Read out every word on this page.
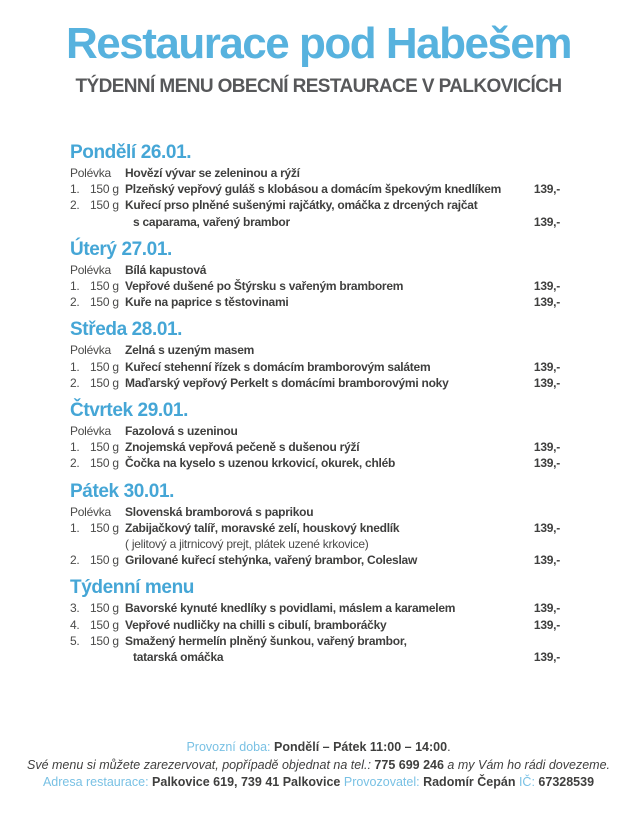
Restaurace pod Habešem
TÝDENNÍ MENU OBECNÍ RESTAURACE V PALKOVICÍCH
Pondělí 26.01.
Polévka	Hovězí vývar se zeleninou a rýží
1. 150 g Plzeňský vepřový guláš s klobásou a domácím špekovým knedlíkem	139,-
2. 150 g Kuřecí prso plněné sušenými rajčátky, omáčka z drcených rajčat
s caparama, vařený brambor	139,-
Úterý 27.01.
Polévka	Bílá kapustová
1. 150 g Vepřové dušené po Štýrsku s vařeným bramborem	139,-
2. 150 g Kuře na paprice s těstovinami	139,-
Středa 28.01.
Polévka	Zelná s uzeným masem
1. 150 g Kuřecí stehenní řízek s domácím bramborovým salátem	139,-
2. 150 g Maďarský vepřový Perkelt s domácími bramborovými noky	139,-
Čtvrtek 29.01.
Polévka	Fazolová s uzeninou
1. 150 g Znojemská vepřová pečeně s dušenou rýží	139,-
2. 150 g Čočka na kyselo s uzenou krkovicí, okurek, chléb	139,-
Pátek 30.01.
Polévka	Slovenská bramborová s paprikou
1. 150 g Zabijačkový talíř, moravské zelí, houskový knedlík	139,-
( jelitový a jitrnicový prejt, plátek uzené krkovice)
2. 150 g Grilované kuřecí stehýnka, vařený brambor, Coleslaw	139,-
Týdenní menu
3. 150 g Bavorské kynuté knedlíky s povidlami, máslem a karamelem	139,-
4. 150 g Vepřové nudličky na chilli s cibulí, bramboráčky	139,-
5. 150 g Smažený hermelín plněný šunkou, vařený brambor,
tatarská omáčka	139,-
Provozní doba: Pondělí – Pátek 11:00 – 14:00.
Své menu si můžete zarezervovat, popřípadě objednat na tel.: 775 699 246 a my Vám ho rádi dovezeme.
Adresa restaurace: Palkovice 619, 739 41 Palkovice Provozovatel: Radomír Čepán IČ: 67328539
